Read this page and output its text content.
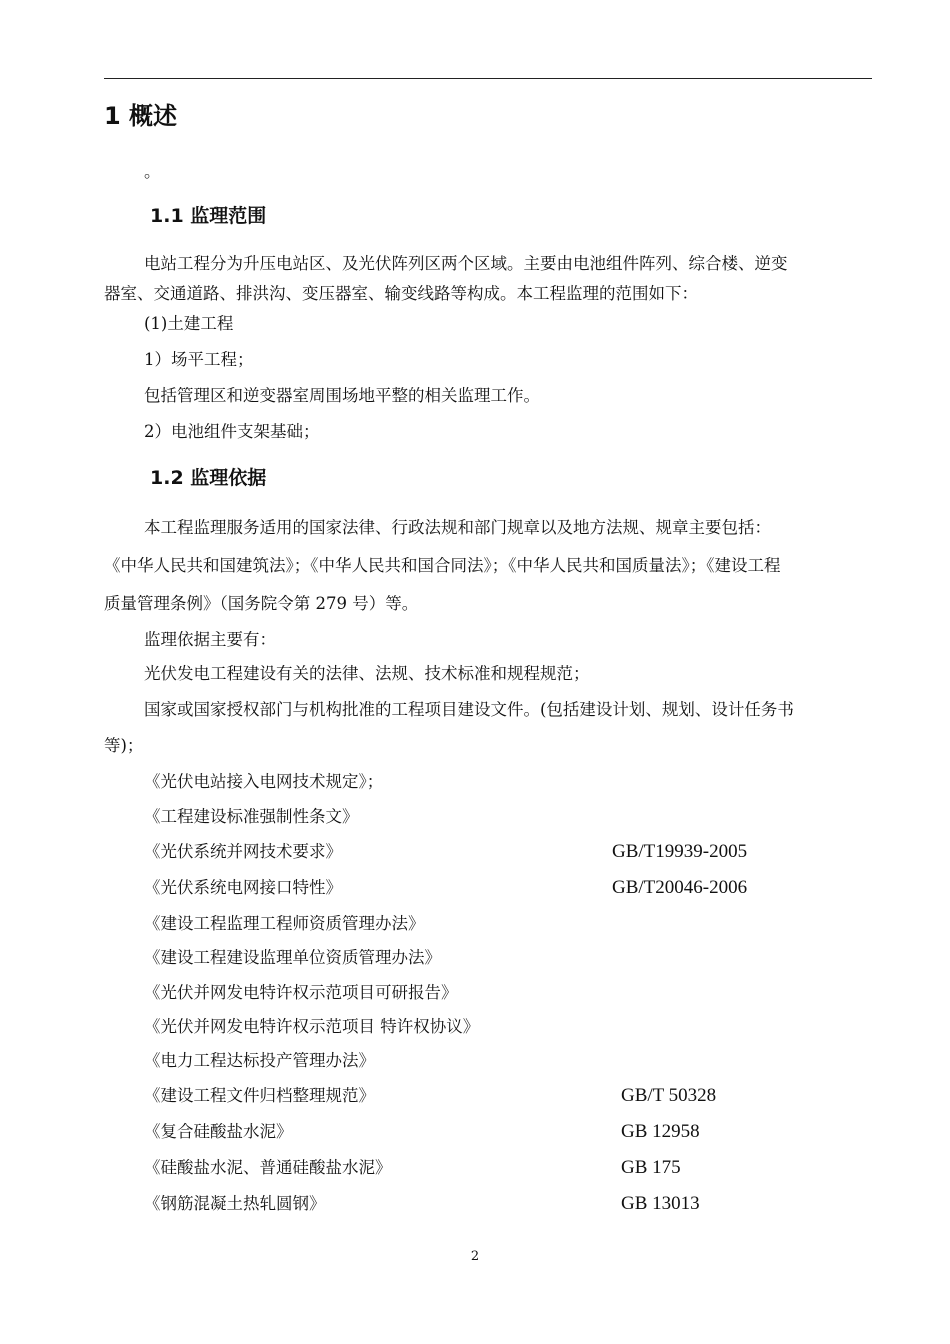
1 概述
。
1.1 监理范围
电站工程分为升压电站区、及光伏阵列区两个区域。主要由电池组件阵列、综合楼、逆变
器室、交通道路、排洪沟、变压器室、输变线路等构成。本工程监理的范围如下：
(1)土建工程
1）场平工程；
包括管理区和逆变器室周围场地平整的相关监理工作。
2）电池组件支架基础；
1.2 监理依据
本工程监理服务适用的国家法律、行政法规和部门规章以及地方法规、规章主要包括：
《中华人民共和国建筑法》；《中华人民共和国合同法》；《中华人民共和国质量法》；《建设工程
质量管理条例》（国务院令第 279 号）等。
监理依据主要有：
光伏发电工程建设有关的法律、法规、技术标准和规程规范；
国家或国家授权部门与机构批准的工程项目建设文件。(包括建设计划、规划、设计任务书
等)；
《光伏电站接入电网技术规定》；
《工程建设标准强制性条文》
《光伏系统并网技术要求》	GB/T19939-2005
《光伏系统电网接口特性》	GB/T20046-2006
《建设工程监理工程师资质管理办法》
《建设工程建设监理单位资质管理办法》
《光伏并网发电特许权示范项目可研报告》
《光伏并网发电特许权示范项目 特许权协议》
《电力工程达标投产管理办法》
《建设工程文件归档整理规范》	GB/T 50328
《复合硅酸盐水泥》	GB 12958
《硅酸盐水泥、普通硅酸盐水泥》	GB 175
《钢筋混凝土热轧圆钢》	GB 13013
2
